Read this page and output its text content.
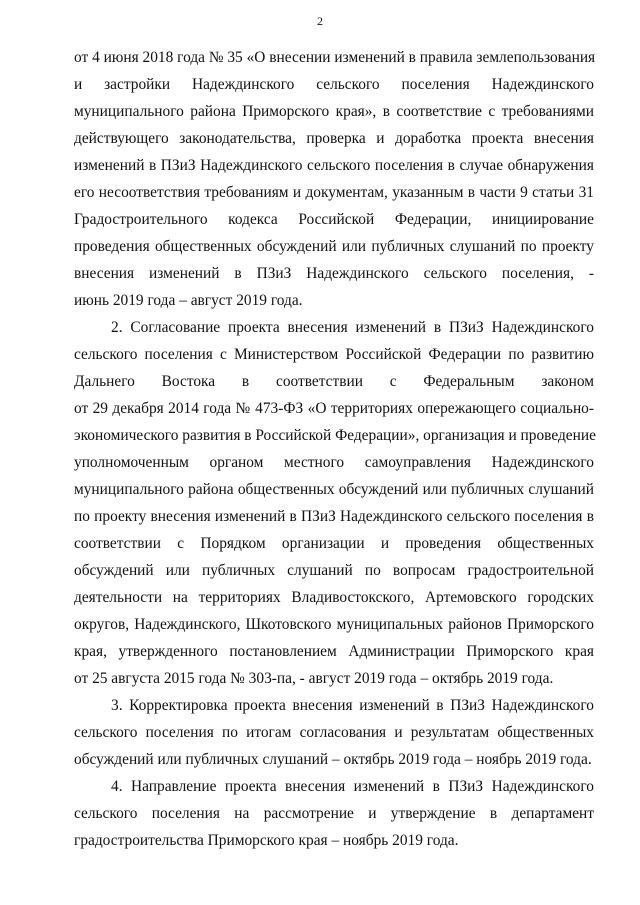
2
от 4 июня 2018 года № 35 «О внесении изменений в правила землепользования
и застройки Надеждинского сельского поселения Надеждинского
муниципального района Приморского края», в соответствие с требованиями
действующего законодательства, проверка и доработка проекта внесения
изменений в ПЗиЗ Надеждинского сельского поселения в случае обнаружения
его несоответствия требованиям и документам, указанным в части 9 статьи 31
Градостроительного кодекса Российской Федерации, инициирование
проведения общественных обсуждений или публичных слушаний по проекту
внесения изменений в ПЗиЗ Надеждинского сельского поселения, -
июнь 2019 года – август 2019 года.
2. Согласование проекта внесения изменений в ПЗиЗ Надеждинского
сельского поселения с Министерством Российской Федерации по развитию
Дальнего Востока в соответствии с Федеральным законом
от 29 декабря 2014 года № 473-ФЗ «О территориях опережающего социально-
экономического развития в Российской Федерации», организация и проведение
уполномоченным органом местного самоуправления Надеждинского
муниципального района общественных обсуждений или публичных слушаний
по проекту внесения изменений в ПЗиЗ Надеждинского сельского поселения в
соответствии с Порядком организации и проведения общественных
обсуждений или публичных слушаний по вопросам градостроительной
деятельности на территориях Владивостокского, Артемовского городских
округов, Надеждинского, Шкотовского муниципальных районов Приморского
края, утвержденного постановлением Администрации Приморского края
от 25 августа 2015 года № 303-па, - август 2019 года – октябрь 2019 года.
3. Корректировка проекта внесения изменений в ПЗиЗ Надеждинского
сельского поселения по итогам согласования и результатам общественных
обсуждений или публичных слушаний – октябрь 2019 года – ноябрь 2019 года.
4. Направление проекта внесения изменений в ПЗиЗ Надеждинского
сельского поселения на рассмотрение и утверждение в департамент
градостроительства Приморского края – ноябрь 2019 года.
